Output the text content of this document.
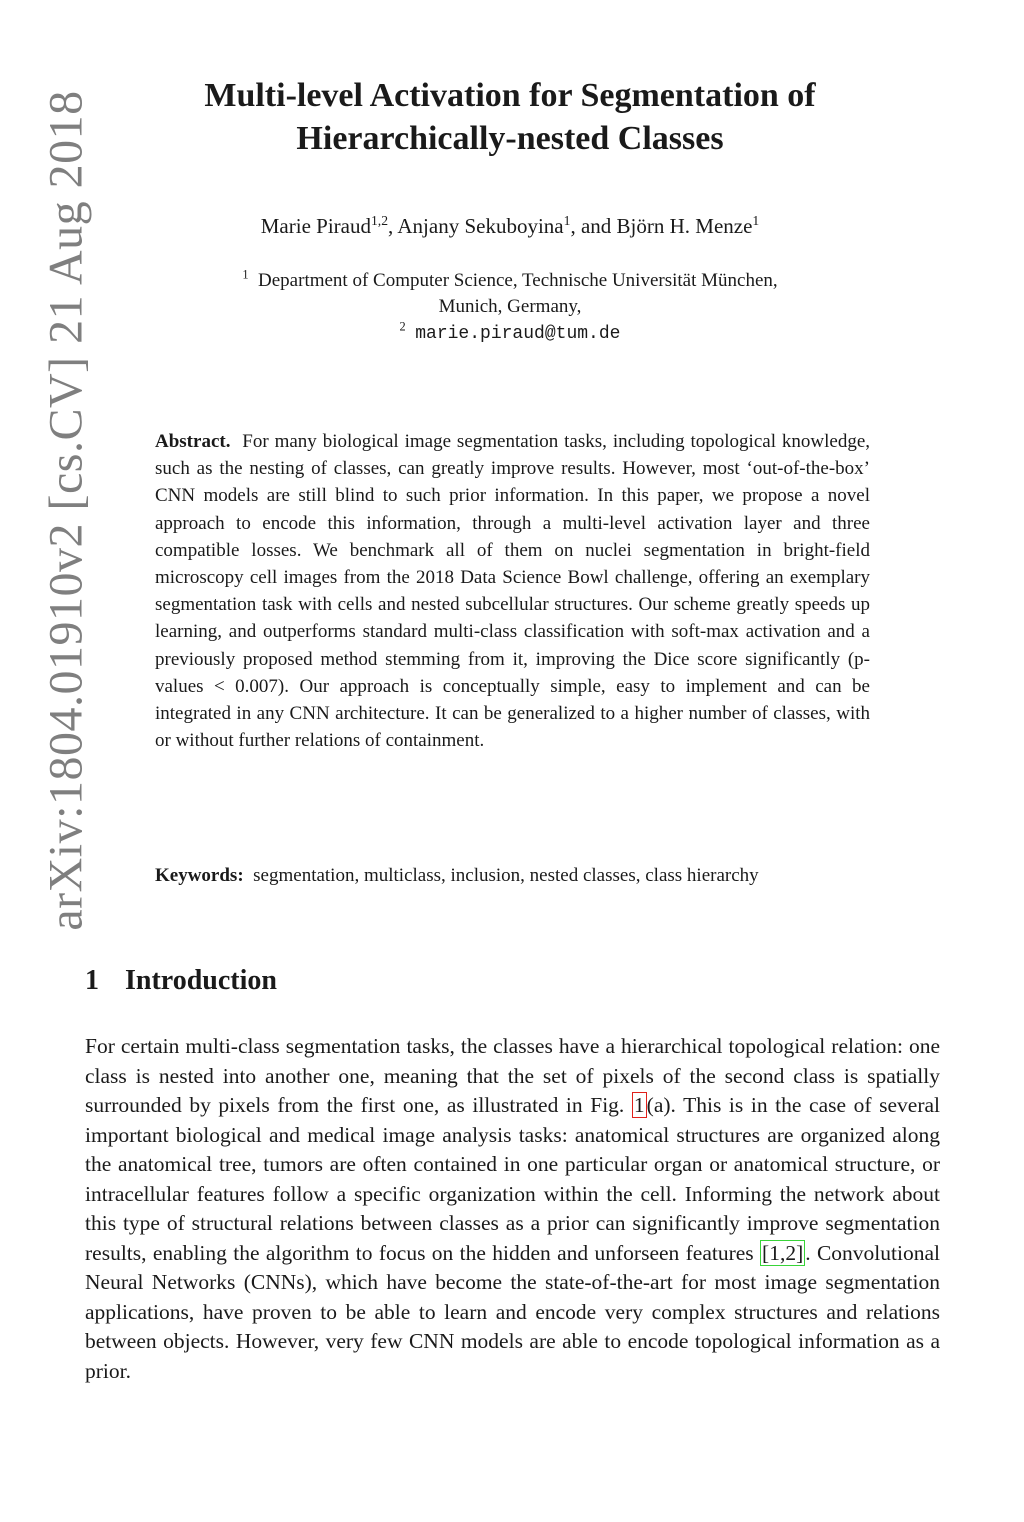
arXiv:1804.01910v2 [cs.CV] 21 Aug 2018	Multi-level Activation for Segmentation of Hierarchically-nested Classes
Marie Piraud$^{1,2}$, Anjany Sekuboyina$^1$, and Björn H. Menze$^1$
$^1$ Department of Computer Science, Technische Universität München,
Munich, Germany,
$^2$ marie.piraud@tum.de

Abstract. For many biological image segmentation tasks, including topological knowledge, such as the nesting of classes, can greatly improve results. However, most ‘out-of-the-box’ CNN models are still blind to such prior information. In this paper, we propose a novel approach to encode this information, through a multi-level activation layer and three compatible losses. We benchmark all of them on nuclei segmentation in bright-field microscopy cell images from the 2018 Data Science Bowl challenge, offering an exemplary segmentation task with cells and nested subcellular structures. Our scheme greatly speeds up learning, and outperforms standard multi-class classification with soft-max activation and a previously proposed method stemming from it, improving the Dice score significantly (p-values < 0.007). Our approach is conceptually simple, easy to implement and can be integrated in any CNN architecture. It can be generalized to a higher number of classes, with or without further relations of containment.

Keywords: segmentation, multiclass, inclusion, nested classes, class hierarchy

1 Introduction

For certain multi-class segmentation tasks, the classes have a hierarchical topological relation: one class is nested into another one, meaning that the set of pixels of the second class is spatially surrounded by pixels from the first one, as illustrated in Fig. 1(a). This is in the case of several important biological and medical image analysis tasks: anatomical structures are organized along the anatomical tree, tumors are often contained in one particular organ or anatomical structure, or intracellular features follow a specific organization within the cell. Informing the network about this type of structural relations between classes as a prior can significantly improve segmentation results, enabling the algorithm to focus on the hidden and unforseen features [1,2]. Convolutional Neural Networks (CNNs), which have become the state-of-the-art for most image segmentation applications, have proven to be able to learn and encode very complex structures and relations between objects. However, very few CNN models are able to encode topological information as a prior.
